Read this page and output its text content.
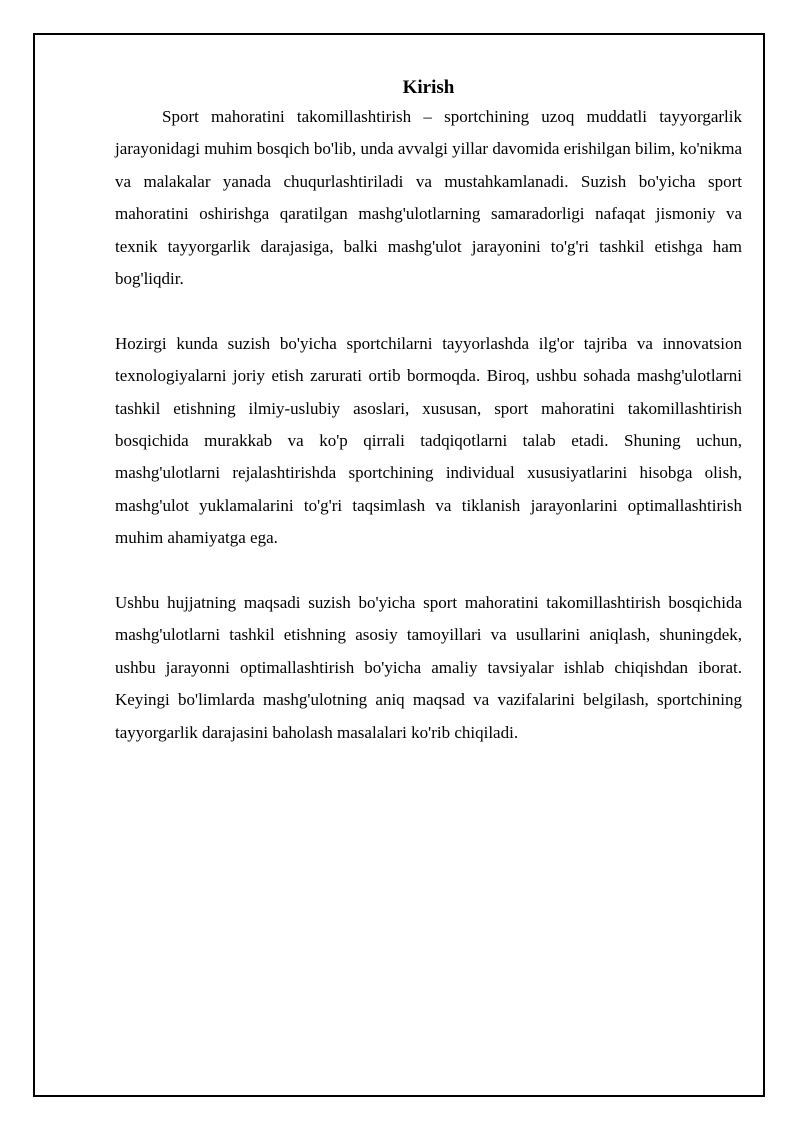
Kirish

Sport mahoratini takomillashtirish – sportchining uzoq muddatli tayyorgarlik jarayonidagi muhim bosqich bo'lib, unda avvalgi yillar davomida erishilgan bilim, ko'nikma va malakalar yanada chuqurlashtiriladi va mustahkamlanadi. Suzish bo'yicha sport mahoratini oshirishga qaratilgan mashg'ulotlarning samaradorligi nafaqat jismoniy va texnik tayyorgarlik darajasiga, balki mashg'ulot jarayonini to'g'ri tashkil etishga ham bog'liqdir.

Hozirgi kunda suzish bo'yicha sportchilarni tayyorlashda ilg'or tajriba va innovatsion texnologiyalarni joriy etish zarurati ortib bormoqda. Biroq, ushbu sohada mashg'ulotlarni tashkil etishning ilmiy-uslubiy asoslari, xususan, sport mahoratini takomillashtirish bosqichida murakkab va ko'p qirrali tadqiqotlarni talab etadi. Shuning uchun, mashg'ulotlarni rejalashtirishda sportchining individual xususiyatlarini hisobga olish, mashg'ulot yuklamalarini to'g'ri taqsimlash va tiklanish jarayonlarini optimallashtirish muhim ahamiyatga ega.

Ushbu hujjatning maqsadi suzish bo'yicha sport mahoratini takomillashtirish bosqichida mashg'ulotlarni tashkil etishning asosiy tamoyillari va usullarini aniqlash, shuningdek, ushbu jarayonni optimallashtirish bo'yicha amaliy tavsiyalar ishlab chiqishdan iborat. Keyingi bo'limlarda mashg'ulotning aniq maqsad va vazifalarini belgilash, sportchining tayyorgarlik darajasini baholash masalalari ko'rib chiqiladi.
